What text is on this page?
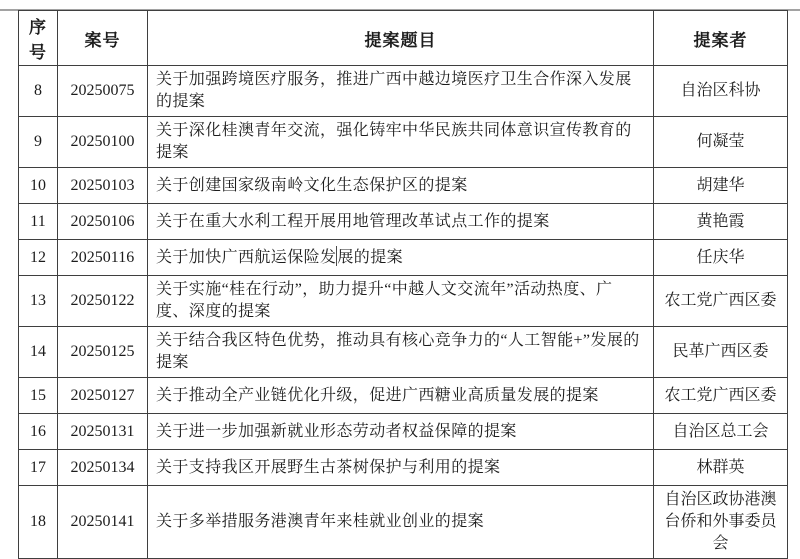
序号	案号	提案题目	提案者
8	20250075	关于加强跨境医疗服务，推进广西中越边境医疗卫生合作深入发展的提案	自治区科协
9	20250100	关于深化桂澳青年交流，强化铸牢中华民族共同体意识宣传教育的提案	何凝莹
10	20250103	关于创建国家级南岭文化生态保护区的提案	胡建华
11	20250106	关于在重大水利工程开展用地管理改革试点工作的提案	黄艳霞
12	20250116	关于加快广西航运保险发展的提案	任庆华
13	20250122	关于实施“桂在行动”，助力提升“中越人文交流年”活动热度、广度、深度的提案	农工党广西区委
14	20250125	关于结合我区特色优势，推动具有核心竞争力的“人工智能+”发展的提案	民革广西区委
15	20250127	关于推动全产业链优化升级，促进广西糖业高质量发展的提案	农工党广西区委
16	20250131	关于进一步加强新就业形态劳动者权益保障的提案	自治区总工会
17	20250134	关于支持我区开展野生古茶树保护与利用的提案	林群英
18	20250141	关于多举措服务港澳青年来桂就业创业的提案	自治区政协港澳台侨和外事委员会
